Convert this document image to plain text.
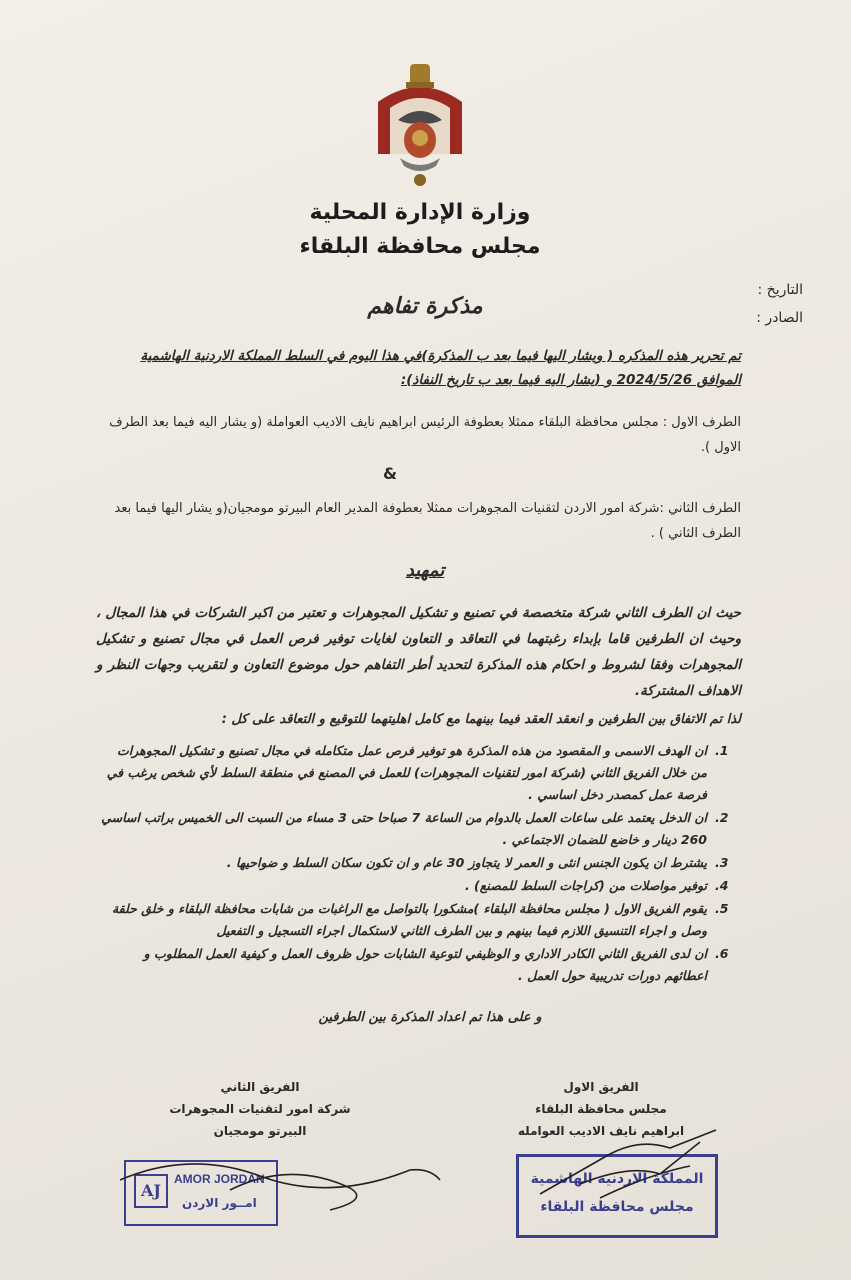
وزارة الإدارة المحلية
مجلس محافظة البلقاء
التاريخ :
الصادر :
مذكرة تفاهم
تم تحرير هذه المذكره ( ويشار اليها فيما بعد ب المذكرة)في هذا اليوم في السلط المملكة الاردنية الهاشمية
الموافق 2024/5/26 و (يشار اليه فيما بعد ب تاريخ النفاذ):
الطرف الاول : مجلس محافظة البلقاء ممثلا بعطوفة الرئيس ابراهيم نايف الاديب العواملة (و يشار اليه فيما بعد الطرف الاول ).
&
الطرف الثاني :شركة امور الاردن لتقنيات المجوهرات ممثلا بعطوفة المدير العام البيرتو مومجيان(و يشار اليها فيما بعد الطرف الثاني ) .
تمهيد
حيث ان الطرف الثاني شركة متخصصة في تصنيع و تشكيل المجوهرات و تعتبر من اكبر الشركات في هذا المجال ، وحيث ان الطرفين قاما بإبداء رغبتهما في التعاقد و التعاون لغايات توفير فرص العمل في مجال تصنيع و تشكيل المجوهرات وفقا لشروط و احكام هذه المذكرة لتحديد أطر التفاهم حول موضوع التعاون و لتقريب وجهات النظر و الاهداف المشتركة.
لذا تم الاتفاق بين الطرفين و انعقد العقد فيما بينهما مع كامل اهليتهما للتوقيع و التعاقد على كل :
1.
ان الهدف الاسمى و المقصود من هذه المذكرة هو توفير فرص عمل متكامله في مجال تصنيع و تشكيل المجوهرات من خلال الفريق الثاني (شركة امور لتقنيات المجوهرات) للعمل في المصنع في منطقة السلط لأي شخص يرغب في فرصة عمل كمصدر دخل اساسي .
2.
ان الدخل يعتمد على ساعات العمل بالدوام من الساعة 7 صباحا حتى 3 مساء من السبت الى الخميس براتب اساسي 260 دينار و خاضع للضمان الاجتماعي .
3.
يشترط ان يكون الجنس انثى و العمر لا يتجاوز 30 عام و ان تكون سكان السلط و ضواحيها .
4.
توفير مواصلات من (كراجات السلط للمصنع) .
5.
يقوم الفريق الاول ( مجلس محافظة البلقاء )مشكورا بالتواصل مع الراغبات من شابات محافظة البلقاء و خلق حلقة وصل و اجراء التنسيق اللازم فيما بينهم و بين الطرف الثاني لاستكمال اجراء التسجيل و التفعيل
6.
ان لدى الفريق الثاني الكادر الاداري و الوظيفي لتوعية الشابات حول ظروف العمل و كيفية العمل المطلوب و اعطائهم دورات تدريبية حول العمل .
و على هذا تم اعداد المذكرة بين الطرفين
الفريق الاول
مجلس محافظة البلقاء
ابراهيم نايف الاديب العوامله
الفريق الثاني
شركة امور لتقنيات المجوهرات
البيرتو مومجيان
AJ
AMOR JORDAN
امــور الاردن
المملكة الاردنية الهاشمية
مجلس محافظة البلقاء
